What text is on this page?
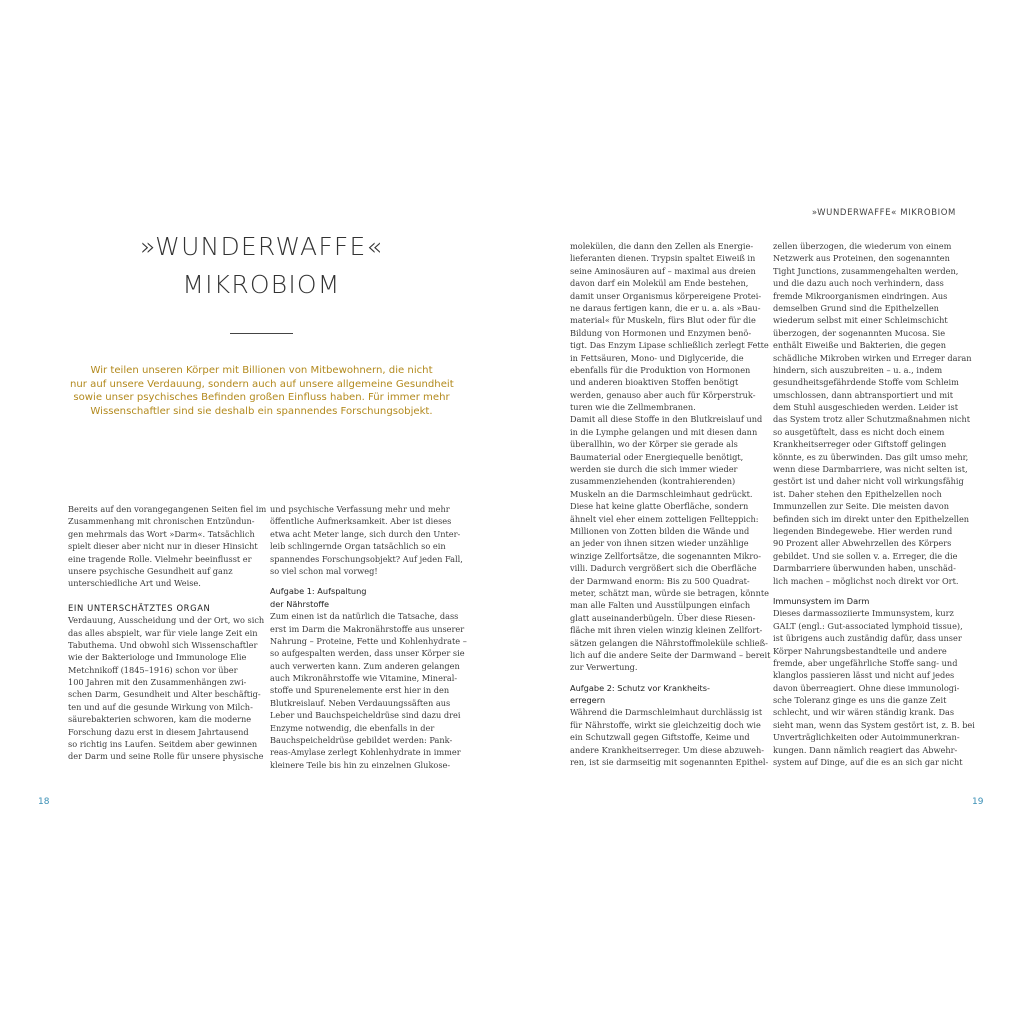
»WUNDERWAFFE« MIKROBIOM
»WUNDERWAFFE«
MIKROBIOM
Wir teilen unseren Körper mit Billionen von Mitbewohnern, die nicht
nur auf unsere Verdauung, sondern auch auf unsere allgemeine Gesundheit
sowie unser psychisches Befinden großen Einfluss haben. Für immer mehr
Wissenschaftler sind sie deshalb ein spannendes Forschungsobjekt.
Bereits auf den vorangegangenen Seiten fiel im
Zusammenhang mit chronischen Entzündun-
gen mehrmals das Wort »Darm«. Tatsächlich
spielt dieser aber nicht nur in dieser Hinsicht
eine tragende Rolle. Vielmehr beeinflusst er
unsere psychische Gesundheit auf ganz
unterschiedliche Art und Weise.
EIN UNTERSCHÄTZTES ORGAN
Verdauung, Ausscheidung und der Ort, wo sich
das alles abspielt, war für viele lange Zeit ein
Tabuthema. Und obwohl sich Wissenschaftler
wie der Bakteriologe und Immunologe Elie
Metchnikoff (1845–1916) schon vor über
100 Jahren mit den Zusammenhängen zwi-
schen Darm, Gesundheit und Alter beschäftig-
ten und auf die gesunde Wirkung von Milch-
säurebakterien schworen, kam die moderne
Forschung dazu erst in diesem Jahrtausend
so richtig ins Laufen. Seitdem aber gewinnen
der Darm und seine Rolle für unsere physische
und psychische Verfassung mehr und mehr
öffentliche Aufmerksamkeit. Aber ist dieses
etwa acht Meter lange, sich durch den Unter-
leib schlingernde Organ tatsächlich so ein
spannendes Forschungsobjekt? Auf jeden Fall,
so viel schon mal vorweg!
Aufgabe 1: Aufspaltung
der Nährstoffe
Zum einen ist da natürlich die Tatsache, dass
erst im Darm die Makronährstoffe aus unserer
Nahrung – Proteine, Fette und Kohlenhydrate –
so aufgespalten werden, dass unser Körper sie
auch verwerten kann. Zum anderen gelangen
auch Mikronährstoffe wie Vitamine, Mineral-
stoffe und Spurenelemente erst hier in den
Blutkreislauf. Neben Verdauungssäften aus
Leber und Bauchspeicheldrüse sind dazu drei
Enzyme notwendig, die ebenfalls in der
Bauchspeicheldrüse gebildet werden: Pank-
reas-Amylase zerlegt Kohlenhydrate in immer
kleinere Teile bis hin zu einzelnen Glukose-
molekülen, die dann den Zellen als Energie-
lieferanten dienen. Trypsin spaltet Eiweiß in
seine Aminosäuren auf – maximal aus dreien
davon darf ein Molekül am Ende bestehen,
damit unser Organismus körpereigene Protei-
ne daraus fertigen kann, die er u. a. als »Bau-
material« für Muskeln, fürs Blut oder für die
Bildung von Hormonen und Enzymen benö-
tigt. Das Enzym Lipase schließlich zerlegt Fette
in Fettsäuren, Mono- und Diglyceride, die
ebenfalls für die Produktion von Hormonen
und anderen bioaktiven Stoffen benötigt
werden, genauso aber auch für Körperstruk-
turen wie die Zellmembranen.
Damit all diese Stoffe in den Blutkreislauf und
in die Lymphe gelangen und mit diesen dann
überallhin, wo der Körper sie gerade als
Baumaterial oder Energiequelle benötigt,
werden sie durch die sich immer wieder
zusammenziehenden (kontrahierenden)
Muskeln an die Darmschleimhaut gedrückt.
Diese hat keine glatte Oberfläche, sondern
ähnelt viel eher einem zotteligen Fellteppich:
Millionen von Zotten bilden die Wände und
an jeder von ihnen sitzen wieder unzählige
winzige Zellfortsätze, die sogenannten Mikro-
villi. Dadurch vergrößert sich die Oberfläche
der Darmwand enorm: Bis zu 500 Quadrat-
meter, schätzt man, würde sie betragen, könnte
man alle Falten und Ausstülpungen einfach
glatt auseinanderbügeln. Über diese Riesen-
fläche mit ihren vielen winzig kleinen Zellfort-
sätzen gelangen die Nährstoffmoleküle schließ-
lich auf die andere Seite der Darmwand – bereit
zur Verwertung.
Aufgabe 2: Schutz vor Krankheits-
erregern
Während die Darmschleimhaut durchlässig ist
für Nährstoffe, wirkt sie gleichzeitig doch wie
ein Schutzwall gegen Giftstoffe, Keime und
andere Krankheitserreger. Um diese abzuweh-
ren, ist sie darmseitig mit sogenannten Epithel-
zellen überzogen, die wiederum von einem
Netzwerk aus Proteinen, den sogenannten
Tight Junctions, zusammengehalten werden,
und die dazu auch noch verhindern, dass
fremde Mikroorganismen eindringen. Aus
demselben Grund sind die Epithelzellen
wiederum selbst mit einer Schleimschicht
überzogen, der sogenannten Mucosa. Sie
enthält Eiweiße und Bakterien, die gegen
schädliche Mikroben wirken und Erreger daran
hindern, sich auszubreiten – u. a., indem
gesundheitsgefährdende Stoffe vom Schleim
umschlossen, dann abtransportiert und mit
dem Stuhl ausgeschieden werden. Leider ist
das System trotz aller Schutzmaßnahmen nicht
so ausgetüftelt, dass es nicht doch einem
Krankheitserreger oder Giftstoff gelingen
könnte, es zu überwinden. Das gilt umso mehr,
wenn diese Darmbarriere, was nicht selten ist,
gestört ist und daher nicht voll wirkungsfähig
ist. Daher stehen den Epithelzellen noch
Immunzellen zur Seite. Die meisten davon
befinden sich im direkt unter den Epithelzellen
liegenden Bindegewebe. Hier werden rund
90 Prozent aller Abwehrzellen des Körpers
gebildet. Und sie sollen v. a. Erreger, die die
Darmbarriere überwunden haben, unschäd-
lich machen – möglichst noch direkt vor Ort.
Immunsystem im Darm
Dieses darmassoziierte Immunsystem, kurz
GALT (engl.: Gut-associated lymphoid tissue),
ist übrigens auch zuständig dafür, dass unser
Körper Nahrungsbestandteile und andere
fremde, aber ungefährliche Stoffe sang- und
klanglos passieren lässt und nicht auf jedes
davon überreagiert. Ohne diese immunologi-
sche Toleranz ginge es uns die ganze Zeit
schlecht, und wir wären ständig krank. Das
sieht man, wenn das System gestört ist, z. B. bei
Unverträglichkeiten oder Autoimmunerkran-
kungen. Dann nämlich reagiert das Abwehr-
system auf Dinge, auf die es an sich gar nicht
18	19
